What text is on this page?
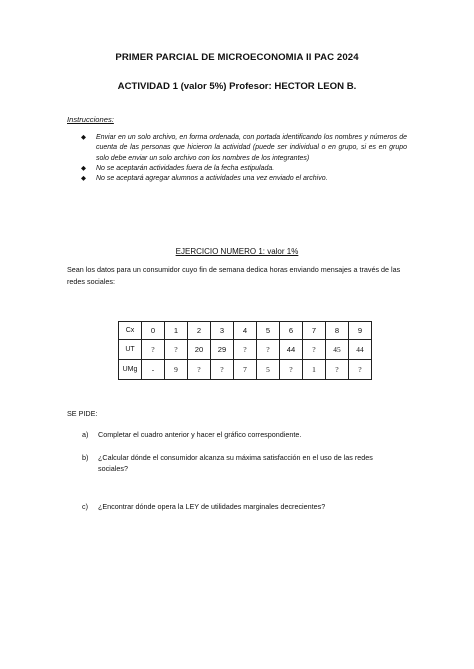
PRIMER PARCIAL DE MICROECONOMIA II PAC 2024
ACTIVIDAD 1 (valor 5%) Profesor: HECTOR LEON B.
Instrucciones:
◆ Enviar en un solo archivo, en forma ordenada, con portada identificando los nombres y números de cuenta de las personas que hicieron la actividad (puede ser individual o en grupo, si es en grupo solo debe enviar un solo archivo con los nombres de los integrantes)
◆ No se aceptarán actividades fuera de la fecha estipulada.
◆ No se aceptará agregar alumnos a actividades una vez enviado el archivo.
EJERCICIO NUMERO 1: valor 1%
Sean los datos para un consumidor cuyo fin de semana dedica horas enviando mensajes a través de las redes sociales:
Cx	0	1	2	3	4	5	6	7	8	9
UT	?	?	20	29	?	?	44	?	45	44
UMg	-	9	?	?	7	5	?	1	?	?
SE PIDE:
a) Completar el cuadro anterior y hacer el gráfico correspondiente.
b) ¿Calcular dónde el consumidor alcanza su máxima satisfacción en el uso de las redes sociales?
c) ¿Encontrar dónde opera la LEY de utilidades marginales decrecientes?
